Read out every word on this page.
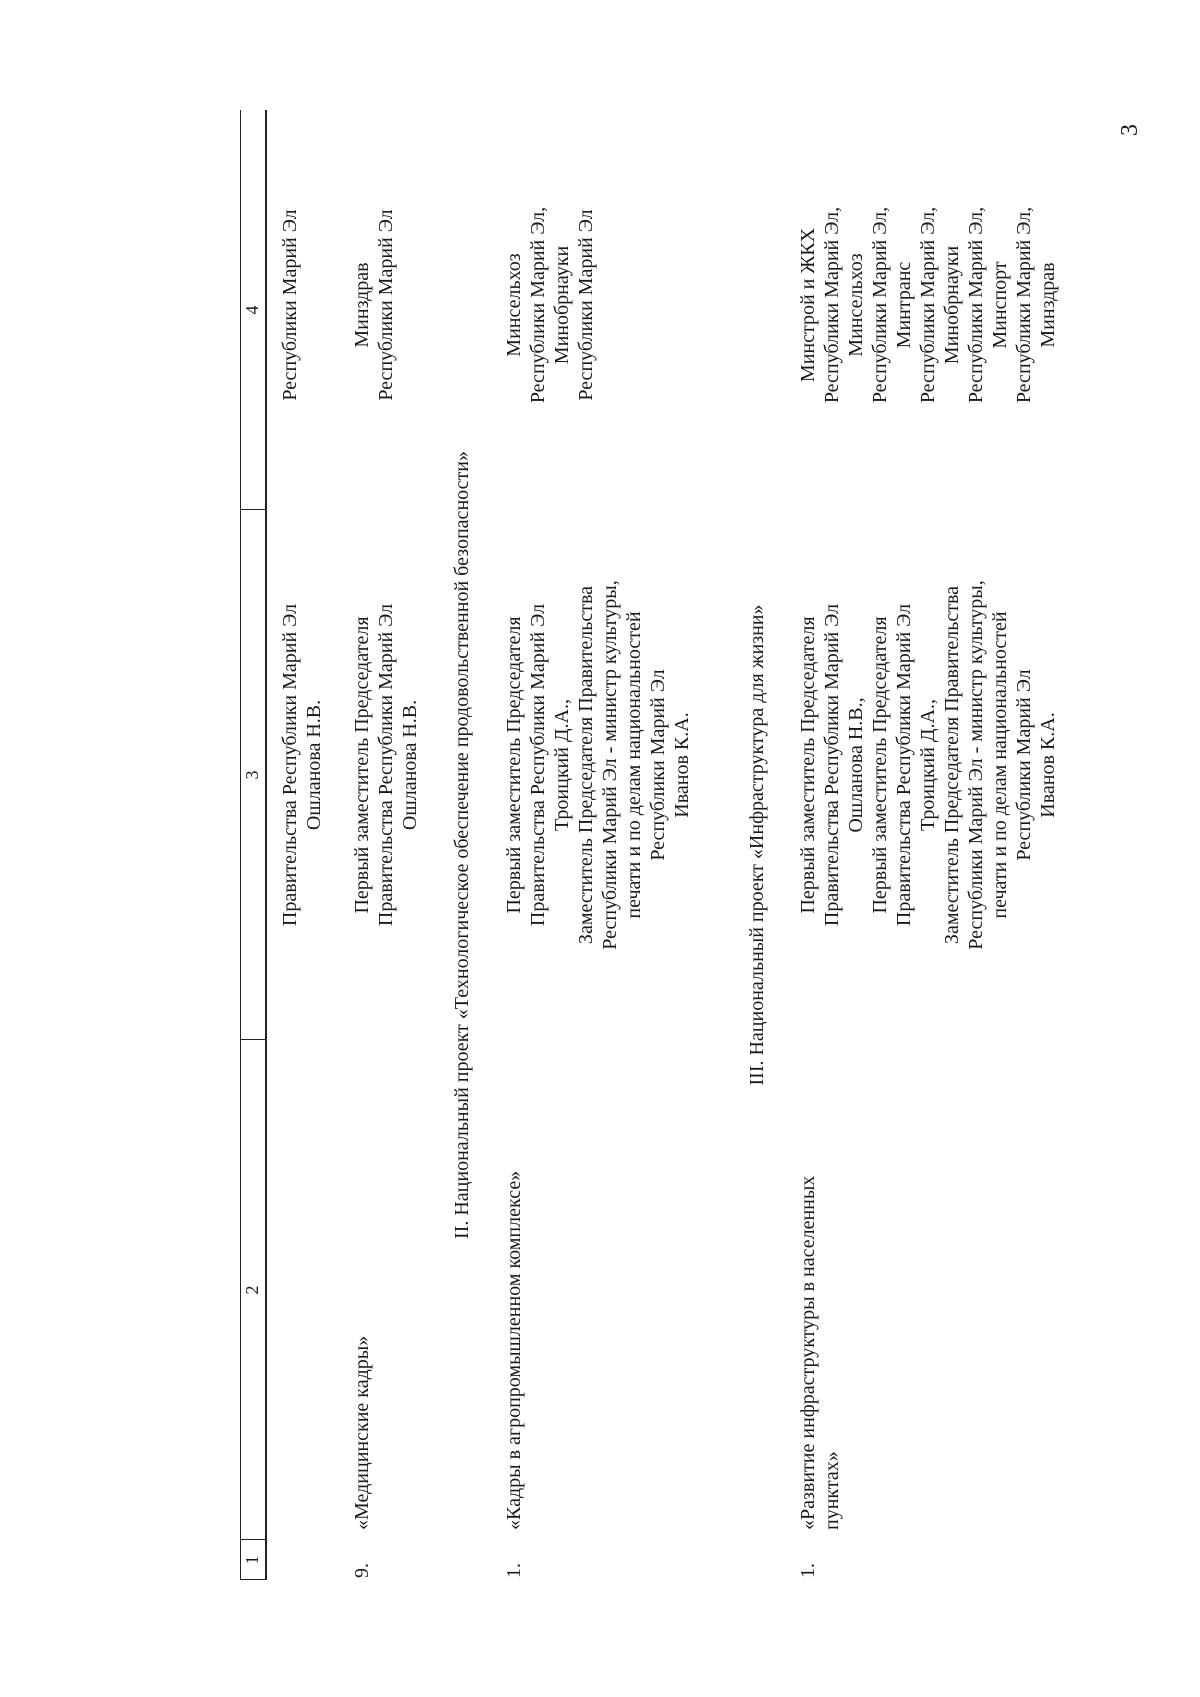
3
1
2
3
4
Правительства Республики Марий Эл
Ошланова Н.В.
Республики Марий Эл
9.
«Медицинские кадры»
Первый заместитель Председателя
Правительства Республики Марий Эл
Ошланова Н.В.
Минздрав
Республики Марий Эл
II. Национальный проект «Технологическое обеспечение продовольственной безопасности»
1.
«Кадры в агропромышленном комплексе»
Первый заместитель Председателя
Правительства Республики Марий Эл
Троицкий Д.А.,
Заместитель Председателя Правительства
Республики Марий Эл - министр культуры,
печати и по делам национальностей
Республики Марий Эл
Иванов К.А.
Минсельхоз
Республики Марий Эл,
Минобрнауки
Республики Марий Эл
III. Национальный проект «Инфраструктура для жизни»
1.
«Развитие инфраструктуры в населенных
пунктах»
Первый заместитель Председателя
Правительства Республики Марий Эл
Ошланова Н.В.,
Первый заместитель Председателя
Правительства Республики Марий Эл
Троицкий Д.А.,
Заместитель Председателя Правительства
Республики Марий Эл - министр культуры,
печати и по делам национальностей
Республики Марий Эл
Иванов К.А.
Минстрой и ЖКХ
Республики Марий Эл,
Минсельхоз
Республики Марий Эл,
Минтранс
Республики Марий Эл,
Минобрнауки
Республики Марий Эл,
Минспорт
Республики Марий Эл,
Минздрав
